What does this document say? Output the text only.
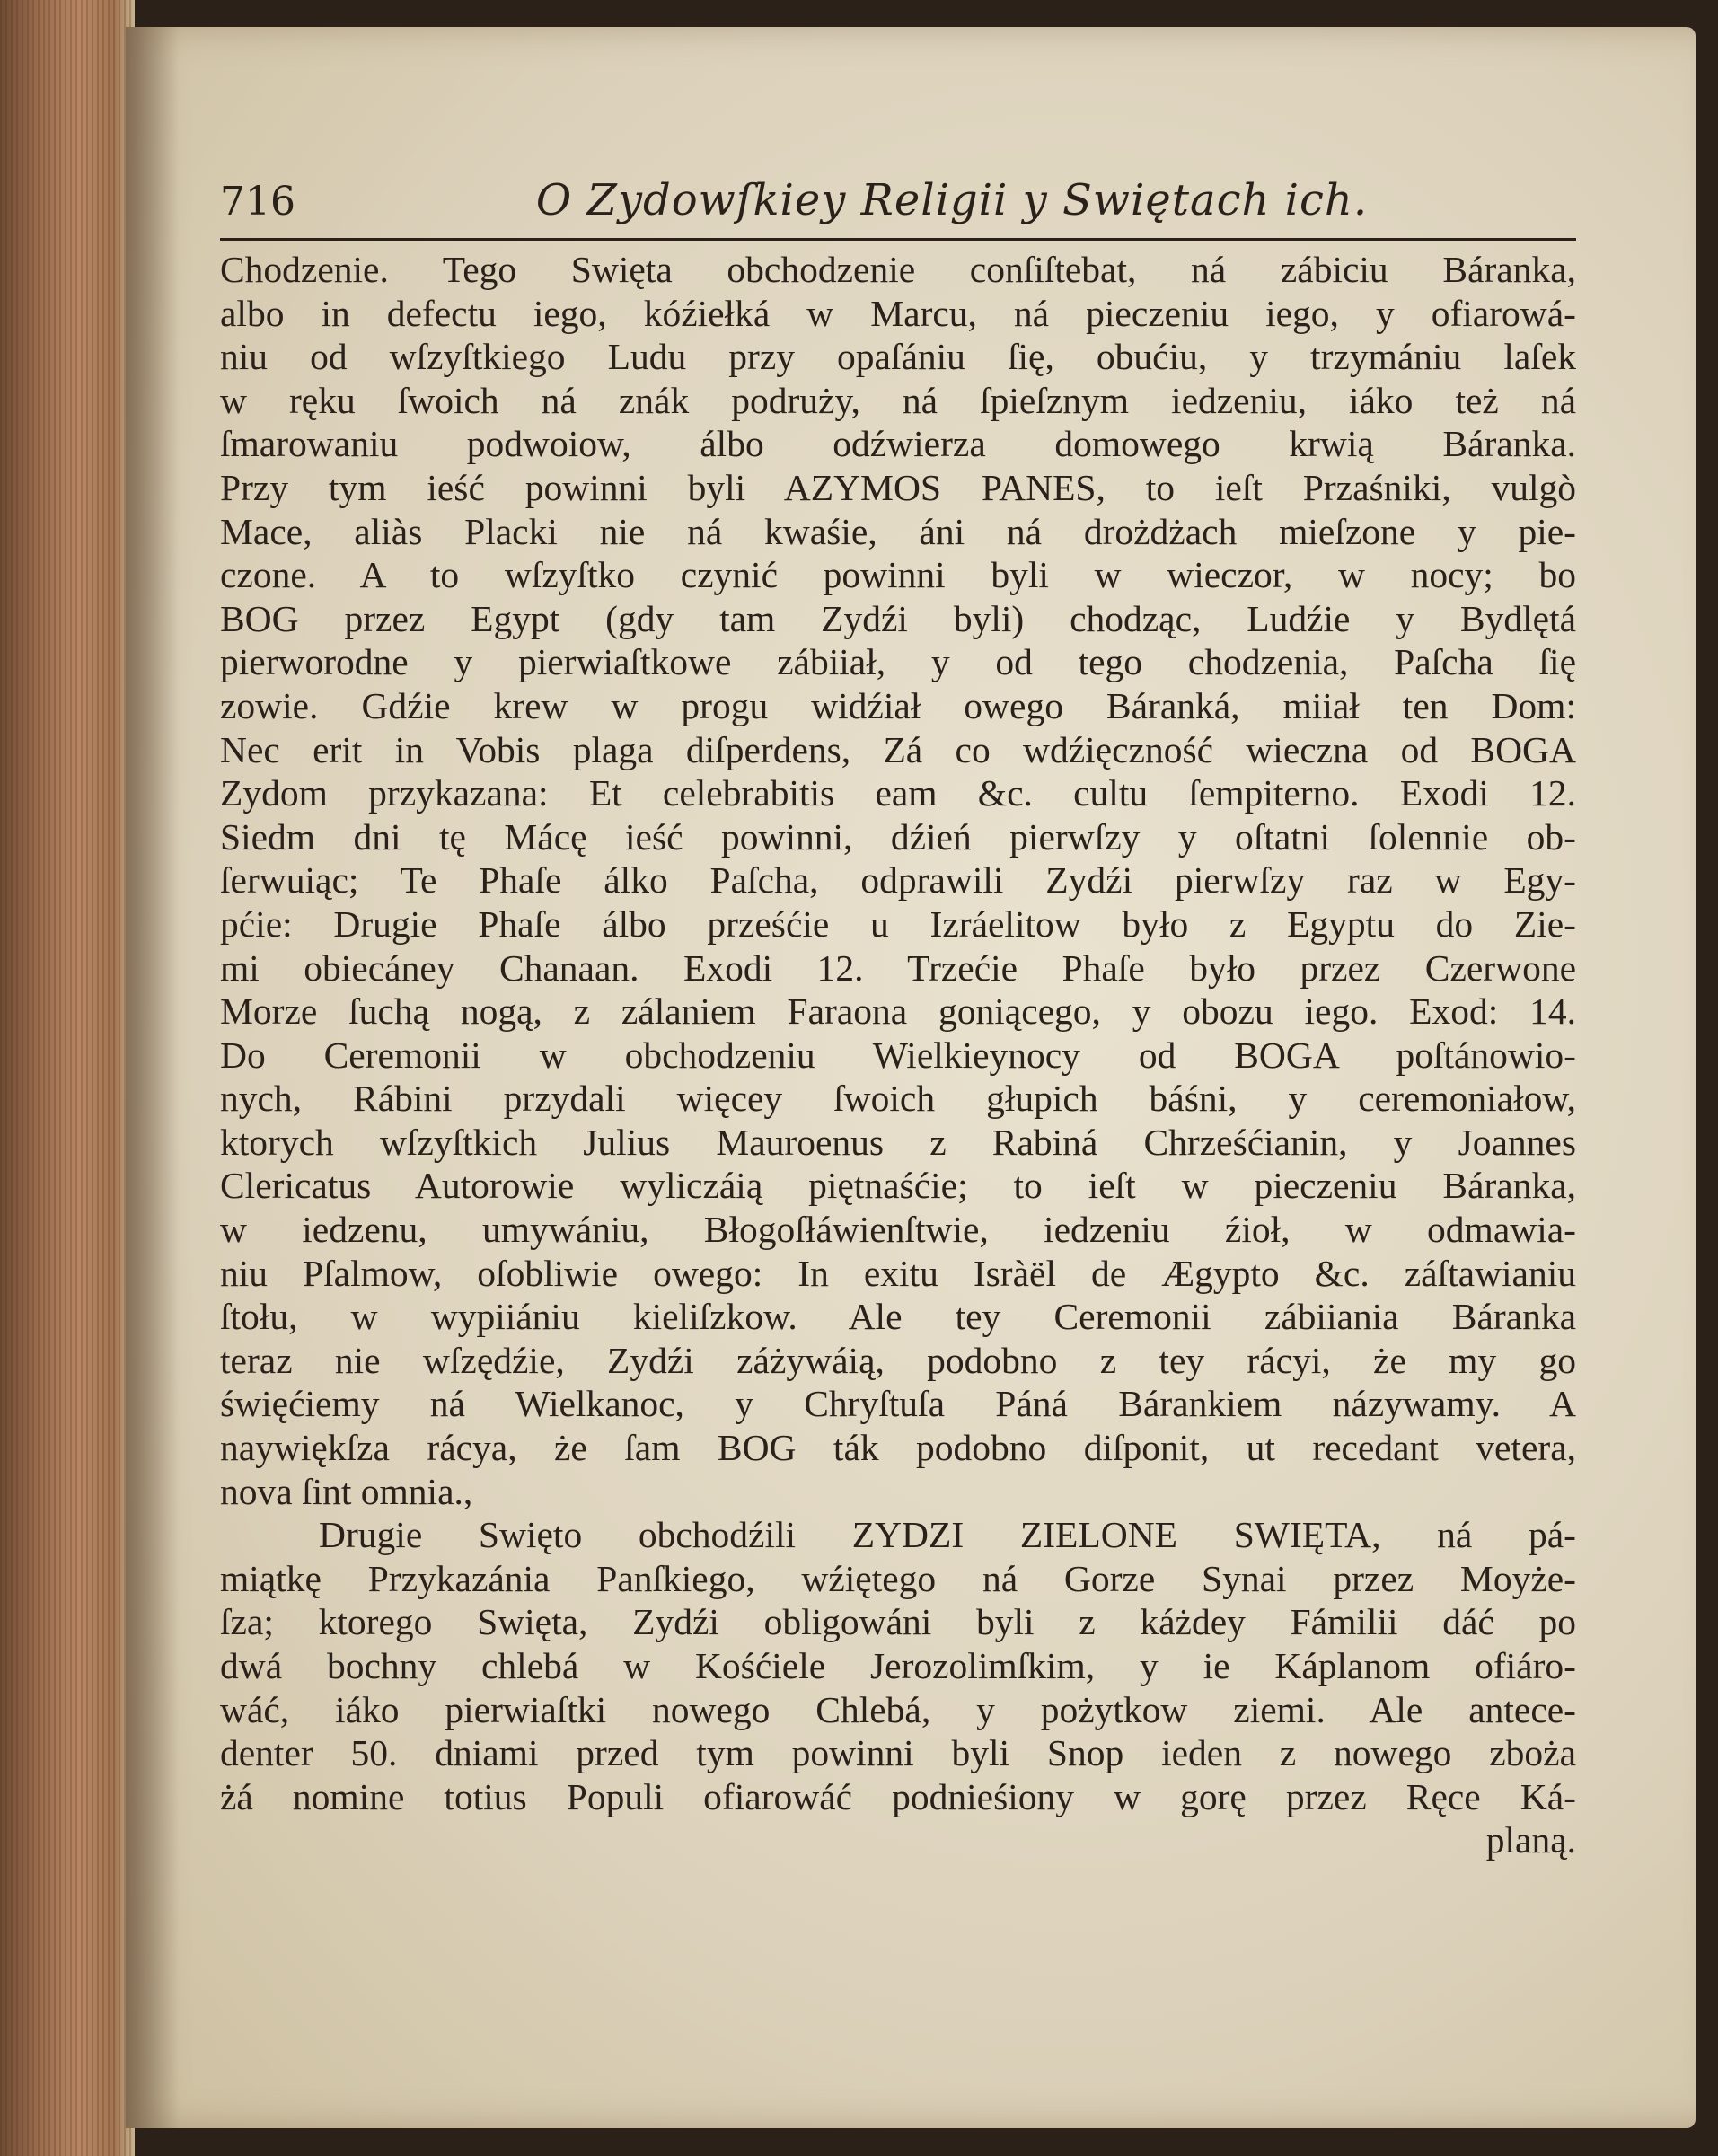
716	O Zydowſkiey Religii y Swiętach ich.
Chodzenie. Tego Swięta obchodzenie conſiſtebat, ná zábiciu Báranka,
albo in defectu iego, kóźiełká w Marcu, ná pieczeniu iego, y ofiarowá-
niu od wſzyſtkiego Ludu przy opaſániu ſię, obućiu, y trzymániu laſek
w ręku ſwoich ná znák podruży, ná ſpieſznym iedzeniu, iáko też ná
ſmarowaniu podwoiow, álbo odźwierza domowego krwią Báranka.
Przy tym ieść powinni byli AZYMOS PANES, to ieſt Przaśniki, vulgò
Mace, aliàs Placki nie ná kwaśie, áni ná drożdżach mieſzone y pie-
czone. A to wſzyſtko czynić powinni byli w wieczor, w nocy; bo
BOG przez Egypt (gdy tam Zydźi byli) chodząc, Ludźie y Bydlętá
pierworodne y pierwiaſtkowe zábiiał, y od tego chodzenia, Paſcha ſię
zowie. Gdźie krew w progu widźiał owego Báranká, miiał ten Dom:
Nec erit in Vobis plaga diſperdens, Zá co wdźięczność wieczna od BOGA
Zydom przykazana: Et celebrabitis eam &c. cultu ſempiterno. Exodi 12.
Siedm dni tę Mácę ieść powinni, dźień pierwſzy y oſtatni ſolennie ob-
ſerwuiąc; Te Phaſe álko Paſcha, odprawili Zydźi pierwſzy raz w Egy-
pćie: Drugie Phaſe álbo prześćie u Izráelitow było z Egyptu do Zie-
mi obiecáney Chanaan. Exodi 12. Trzećie Phaſe było przez Czerwone
Morze ſuchą nogą, z zálaniem Faraona goniącego, y obozu iego. Exod: 14.
Do Ceremonii w obchodzeniu Wielkieynocy od BOGA poſtánowio-
nych, Rábini przydali więcey ſwoich głupich báśni, y ceremoniałow,
ktorych wſzyſtkich Julius Mauroenus z Rabiná Chrześćianin, y Joannes
Clericatus Autorowie wyliczáią piętnaśćie; to ieſt w pieczeniu Báranka,
w iedzenu, umywániu, Błogoſłáwienſtwie, iedzeniu źioł, w odmawia-
niu Pſalmow, oſobliwie owego: In exitu Isràël de Ægypto &c. záſtawianiu
ſtołu, w wypiiániu kieliſzkow. Ale tey Ceremonii zábiiania Báranka
teraz nie wſzędźie, Zydźi záżywáią, podobno z tey rácyi, że my go
święćiemy ná Wielkanoc, y Chryſtuſa Páná Bárankiem názywamy. A
naywiękſza rácya, że ſam BOG ták podobno diſponit, ut recedant vetera,
nova ſint omnia.,
Drugie Swięto obchodźili ZYDZI ZIELONE SWIĘTA, ná pá-
miątkę Przykazánia Panſkiego, wźiętego ná Gorze Synai przez Moyże-
ſza; ktorego Swięta, Zydźi obligowáni byli z káżdey Fámilii dáć po
dwá bochny chlebá w Kośćiele Jerozolimſkim, y ie Káplanom ofiáro-
wáć, iáko pierwiaſtki nowego Chlebá, y pożytkow ziemi. Ale antece-
denter 50. dniami przed tym powinni byli Snop ieden z nowego zboża
żá nomine totius Populi ofiarowáć podnieśiony w gorę przez Ręce Ká-
planą.
